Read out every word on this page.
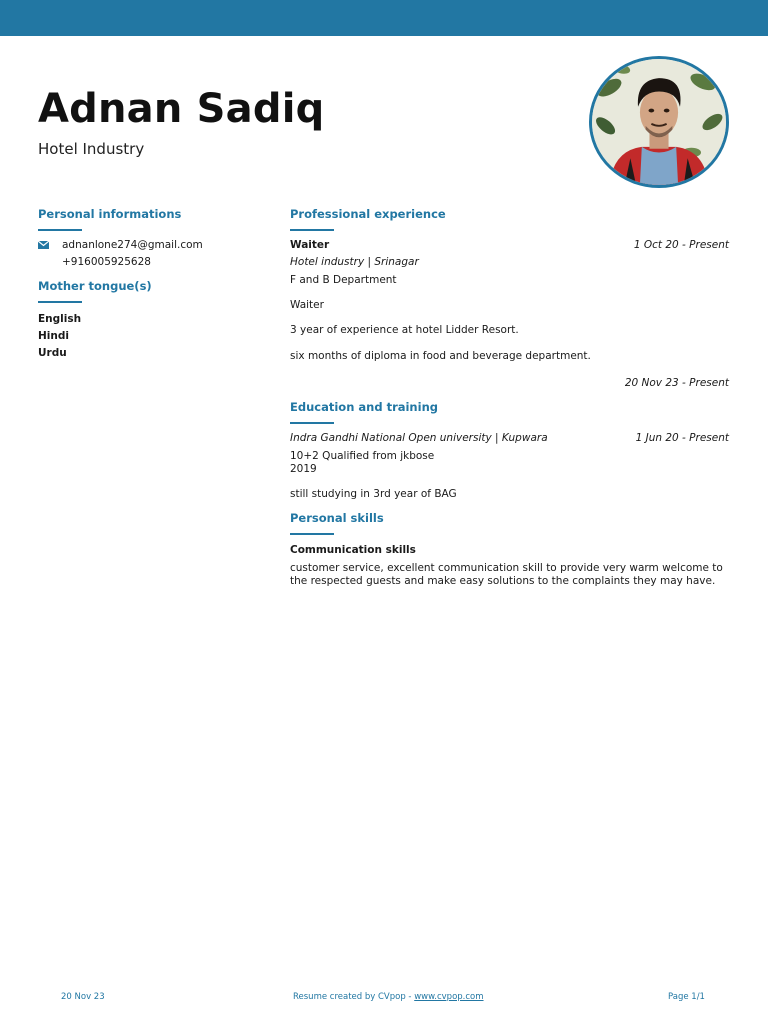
Adnan Sadiq
Hotel Industry
Personal informations
adnanlone274@gmail.com
+916005925628
Mother tongue(s)
English
Hindi
Urdu
Professional experience
Waiter	1 Oct 20 - Present
Hotel industry | Srinagar
F and B Department
Waiter
3 year of experience at hotel Lidder Resort.
six months of diploma in food and beverage department.
20 Nov 23 - Present
Education and training
Indra Gandhi National Open university | Kupwara	1 Jun 20 - Present
10+2 Qualified from jkbose
2019
still studying in 3rd year of BAG
Personal skills
Communication skills
customer service, excellent communication skill to provide very warm welcome to the respected guests and make easy solutions to the complaints they may have.
20 Nov 23	Resume created by CVpop - www.cvpop.com	Page 1/1
